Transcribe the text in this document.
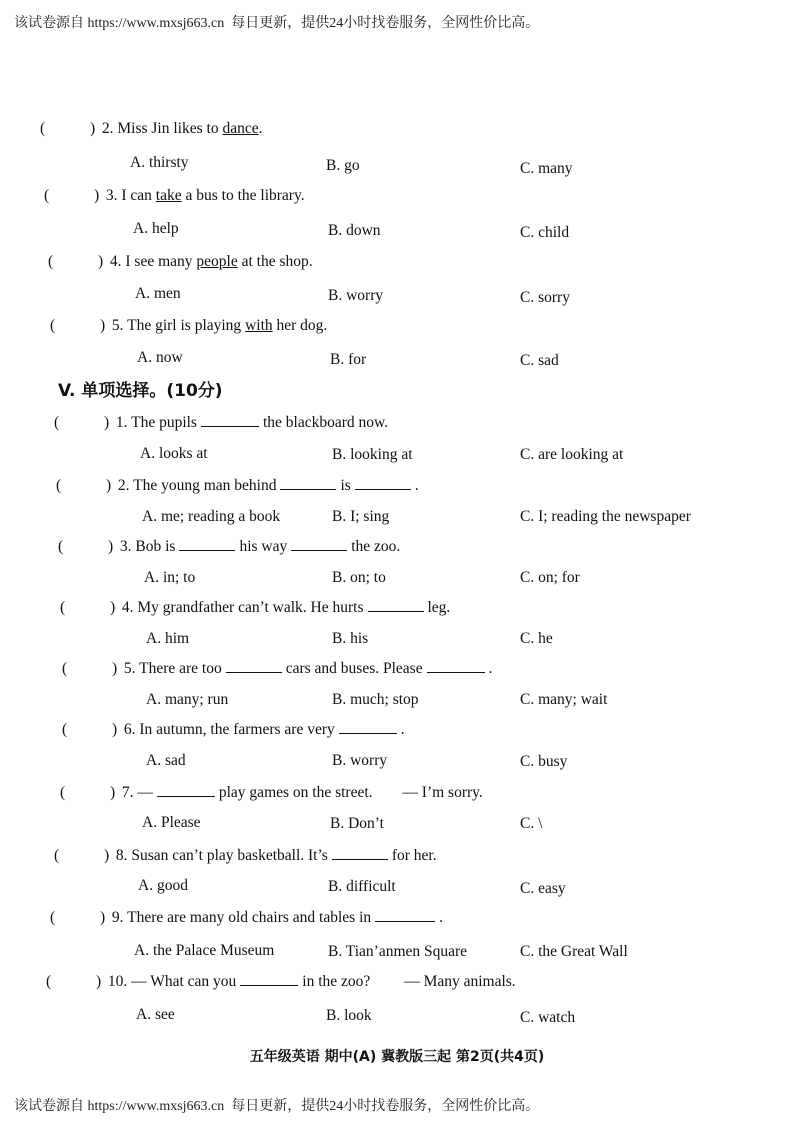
该试卷源自 https://www.mxsj663.cn  每日更新，提供24小时找卷服务，全网性价比高。
(	) 2. Miss Jin likes to dance.
A. thirsty	B. go	C. many
(	) 3. I can take a bus to the library.
A. help	B. down	C. child
(	) 4. I see many people at the shop.
A. men	B. worry	C. sorry
(	) 5. The girl is playing with her dog.
A. now	B. for	C. sad
V. 单项选择。(10分)
(	) 1. The pupils	the blackboard now.
A. looks at	B. looking at	C. are looking at
(	) 2. The young man behind	is	.
A. me; reading a book	B. I; sing	C. I; reading the newspaper
(	) 3. Bob is	his way	the zoo.
A. in; to	B. on; to	C. on; for
(	) 4. My grandfather can’t walk. He hurts	leg.
A. him	B. his	C. he
(	) 5. There are too	cars and buses. Please	.
A. many; run	B. much; stop	C. many; wait
(	) 6. In autumn, the farmers are very	.
A. sad	B. worry	C. busy
(	) 7. —	play games on the street. — I’m sorry.
A. Please	B. Don’t	C. \
(	) 8. Susan can’t play basketball. It’s	for her.
A. good	B. difficult	C. easy
(	) 9. There are many old chairs and tables in	.
A. the Palace Museum	B. Tian’anmen Square	C. the Great Wall
(	) 10. — What can you	in the zoo? — Many animals.
A. see	B. look	C. watch
五年级英语 期中(A) 冀教版三起 第2页(共4页)
该试卷源自 https://www.mxsj663.cn  每日更新，提供24小时找卷服务，全网性价比高。
